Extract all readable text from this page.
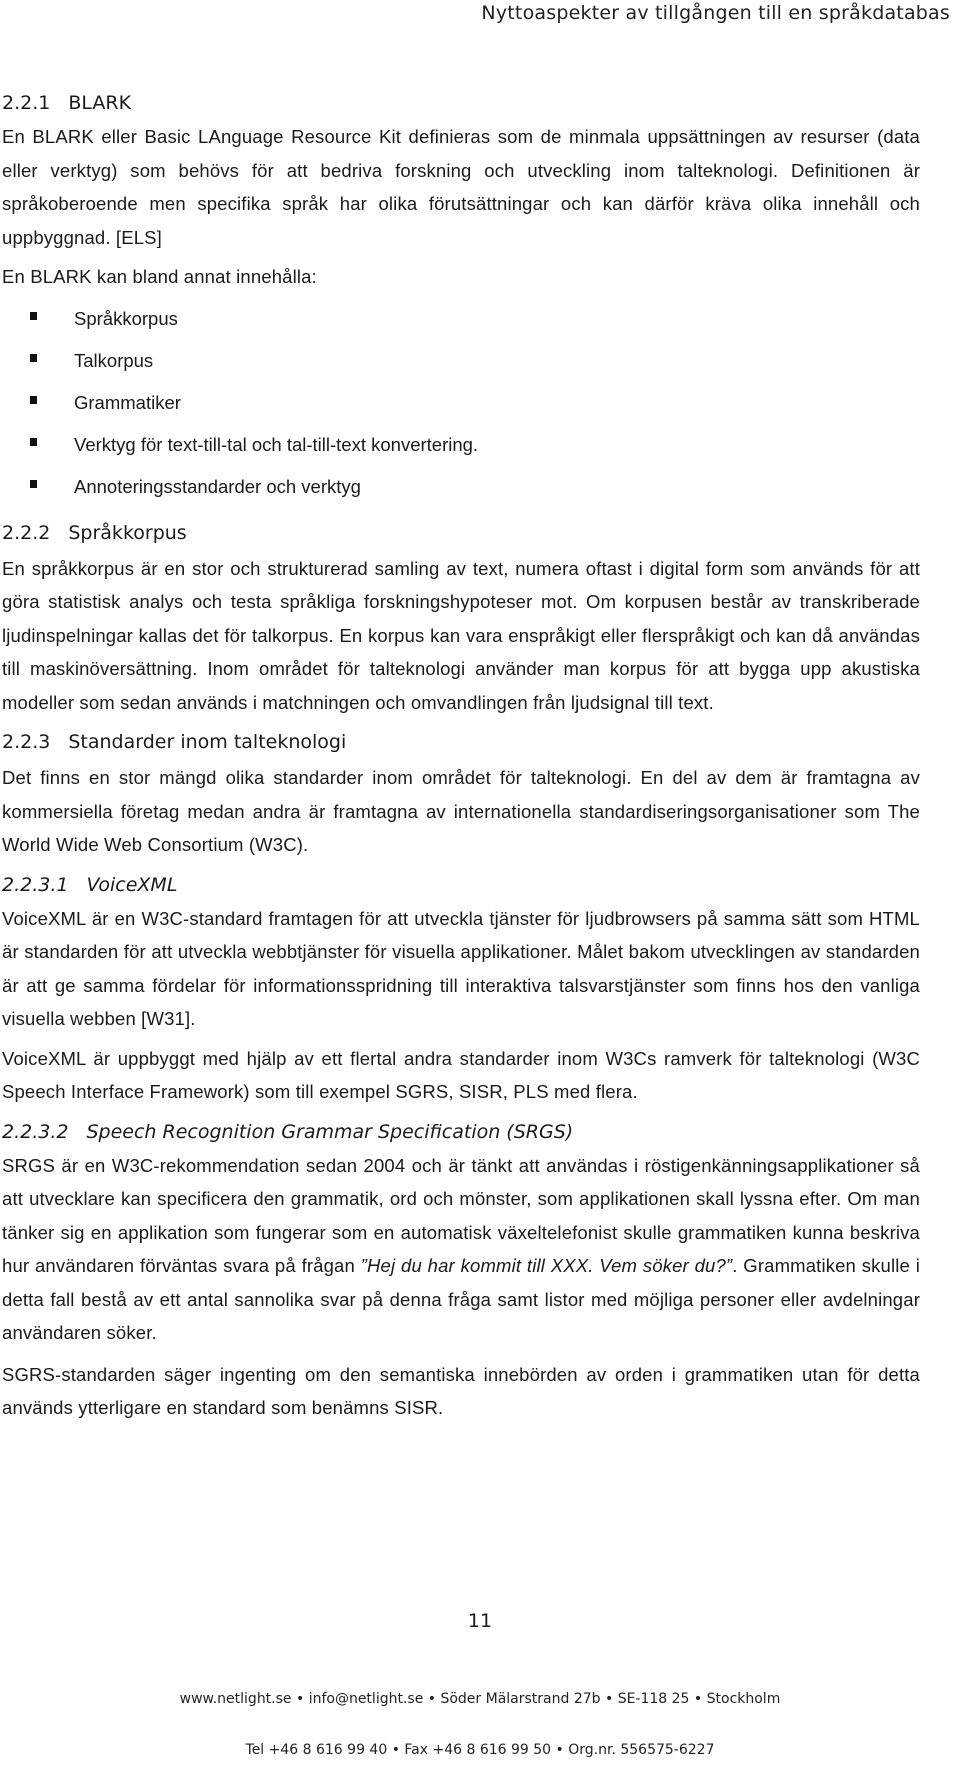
Nyttoaspekter av tillgången till en språkdatabas
2.2.1 BLARK

En BLARK eller Basic LAnguage Resource Kit definieras som de minmala uppsättningen av resurser (data eller verktyg) som behövs för att bedriva forskning och utveckling inom talteknologi. Definitionen är språkoberoende men specifika språk har olika förutsättningar och kan därför kräva olika innehåll och uppbyggnad. [ELS]

En BLARK kan bland annat innehålla:

Språkkorpus
Talkorpus
Grammatiker
Verktyg för text-till-tal och tal-till-text konvertering.
Annoteringsstandarder och verktyg
2.2.2 Språkkorpus

En språkkorpus är en stor och strukturerad samling av text, numera oftast i digital form som används för att göra statistisk analys och testa språkliga forskningshypoteser mot. Om korpusen består av transkriberade ljudinspelningar kallas det för talkorpus. En korpus kan vara enspråkigt eller flerspråkigt och kan då användas till maskinöversättning. Inom området för talteknologi använder man korpus för att bygga upp akustiska modeller som sedan används i matchningen och omvandlingen från ljudsignal till text.

2.2.3 Standarder inom talteknologi

Det finns en stor mängd olika standarder inom området för talteknologi. En del av dem är framtagna av kommersiella företag medan andra är framtagna av internationella standardiseringsorganisationer som The World Wide Web Consortium (W3C).

2.2.3.1 VoiceXML

VoiceXML är en W3C-standard framtagen för att utveckla tjänster för ljudbrowsers på samma sätt som HTML är standarden för att utveckla webbtjänster för visuella applikationer. Målet bakom utvecklingen av standarden är att ge samma fördelar för informationsspridning till interaktiva talsvarstjänster som finns hos den vanliga visuella webben [W31].

VoiceXML är uppbyggt med hjälp av ett flertal andra standarder inom W3Cs ramverk för talteknologi (W3C Speech Interface Framework) som till exempel SGRS, SISR, PLS med flera.

2.2.3.2 Speech Recognition Grammar Specification (SRGS)

SRGS är en W3C-rekommendation sedan 2004 och är tänkt att användas i röstigenkänningsapplikationer så att utvecklare kan specificera den grammatik, ord och mönster, som applikationen skall lyssna efter. Om man tänker sig en applikation som fungerar som en automatisk växeltelefonist skulle grammatiken kunna beskriva hur användaren förväntas svara på frågan ”Hej du har kommit till XXX. Vem söker du?”. Grammatiken skulle i detta fall bestå av ett antal sannolika svar på denna fråga samt listor med möjliga personer eller avdelningar användaren söker.

SGRS-standarden säger ingenting om den semantiska innebörden av orden i grammatiken utan för detta används ytterligare en standard som benämns SISR.

11
www.netlight.se • info@netlight.se • Söder Mälarstrand 27b • SE-118 25 • Stockholm
Tel +46 8 616 99 40 • Fax +46 8 616 99 50 • Org.nr. 556575-6227
